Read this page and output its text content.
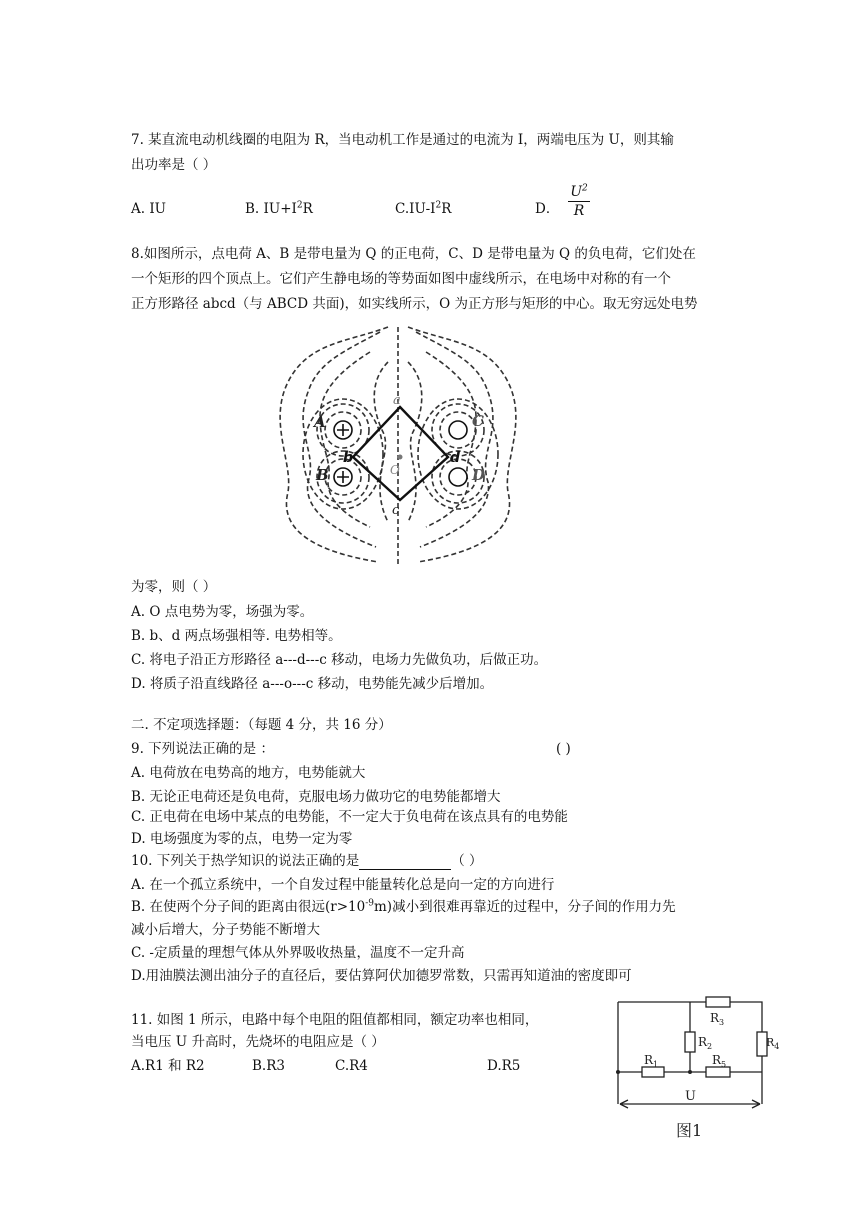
7. 某直流电动机线圈的电阻为 R，当电动机工作是通过的电流为 I，两端电压为 U，则其输
出功率是（ ）
A. IU	B. $IU+I^2R$	$C.IU-I^2R$	D． $\frac{U^2}{R}$
8.如图所示，点电荷 A、B 是带电量为 Q 的正电荷，C、D 是带电量为 Q 的负电荷，它们处在
一个矩形的四个顶点上。它们产生静电场的等势面如图中虚线所示，在电场中对称的有一个
正方形路径 abcd（与 ABCD 共面)，如实线所示，O 为正方形与矩形的中心。取无穷远处电势
A
B
C
D
a
b
c
d
O
为零，则（ ）
A. O 点电势为零，场强为零。
B. b、d 两点场强相等. 电势相等。
C. 将电子沿正方形路径 a---d---c 移动，电场力先做负功，后做正功。
D. 将质子沿直线路径 a---o---c 移动，电势能先减少后增加。
二. 不定项选择题：（每题 4 分，共 16 分）
9. 下列说法正确的是 ：	( )
A. 电荷放在电势高的地方，电势能就大
B. 无论正电荷还是负电荷，克服电场力做功它的电势能都增大
C. 正电荷在电场中某点的电势能，不一定大于负电荷在该点具有的电势能
D. 电场强度为零的点，电势一定为零
10. 下列关于热学知识的说法正确的是	（ ）
A. 在一个孤立系统中，一个自发过程中能量转化总是向一定的方向进行
B. 在使两个分子间的距离由很远$(r>10^{-9}m)$减小到很难再靠近的过程中，分子间的作用力先
减小后增大，分子势能不断增大
C. -定质量的理想气体从外界吸收热量，温度不一定升高
D.用油膜法测出油分子的直径后，要估算阿伏加德罗常数，只需再知道油的密度即可
11. 如图 1 所示，电路中每个电阻的阻值都相同，额定功率也相同，
当电压 U 升高时，先烧坏的电阻应是（ ）
A.R1 和 R2	B.R3	C.R4	D.R5
$R_3$
$R_2$	$R_4$
$R_1$	$R_5$
U
图1
